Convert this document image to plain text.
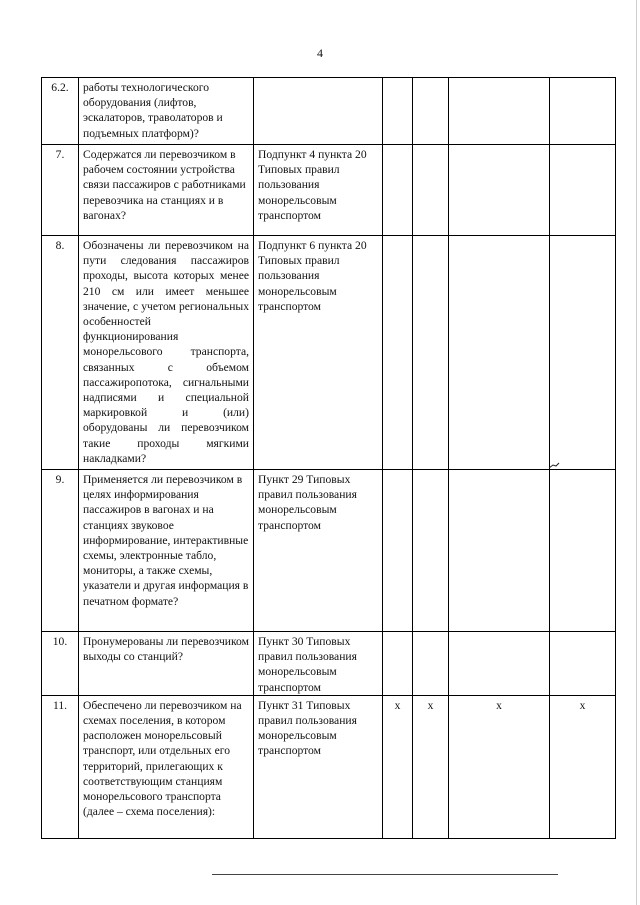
4
6.2.	работы технологического оборудования (лифтов, эскалаторов, траволаторов и подъемных платформ)?					
7.	Содержатся ли перевозчиком в рабочем состоянии устройства связи пассажиров с работниками перевозчика на станциях и в вагонах?	Подпункт 4 пункта 20 Типовых правил пользования монорельсовым транспортом				
8.	Обозначены ли перевозчиком на пути следования пассажиров проходы, высота которых менее 210 см или имеет меньшее значение, с учетом региональных особенностей функционирования монорельсового транспорта, связанных с объемом пассажиропотока, сигнальными надписями и специальной маркировкой и (или) оборудованы ли перевозчиком такие проходы мягкими накладками?	Подпункт 6 пункта 20 Типовых правил пользования монорельсовым транспортом				
9.	Применяется ли перевозчиком в целях информирования пассажиров в вагонах и на станциях звуковое информирование, интерактивные схемы, электронные табло, мониторы, а также схемы, указатели и другая информация в печатном формате?	Пункт 29 Типовых правил пользования монорельсовым транспортом				
10.	Пронумерованы ли перевозчиком выходы со станций?	Пункт 30 Типовых правил пользования монорельсовым транспортом				
11.	Обеспечено ли перевозчиком на схемах поселения, в котором расположен монорельсовый транспорт, или отдельных его территорий, прилегающих к соответствующим станциям монорельсового транспорта (далее – схема поселения):	Пункт 31 Типовых правил пользования монорельсовым транспортом	х	х	х	х
